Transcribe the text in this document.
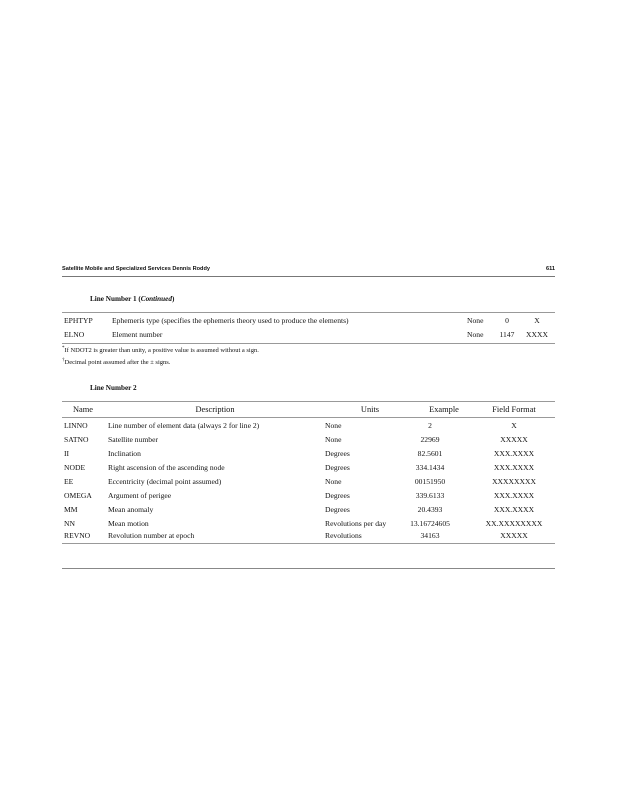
Satellite Mobile and Specialized Services Dennis Roddy	611
Line Number 1 (Continued)
EPHTYP	Ephemeris type (specifies the ephemeris theory used to produce the elements)	None	0	X
ELNO	Element number	None 1147 XXXX
*If NDOT2 is greater than unity, a positive value is assumed without a sign.
†Decimal point assumed after the ± signs.
Line Number 2
Name	Description	Units	Example	Field Format
LINNO	Line number of element data (always 2 for line 2)	None	2	X
SATNO	Satellite number	None	22969	XXXXX
II	Inclination	Degrees	82.5601	XXX.XXXX
NODE	Right ascension of the ascending node	Degrees	334.1434	XXX.XXXX
EE	Eccentricity (decimal point assumed)	None	00151950	XXXXXXXX
OMEGA Argument of perigee	Degrees	339.6133	XXX.XXXX
MM	Mean anomaly	Degrees	20.4393	XXX.XXXX
NN	Mean motion	Revolutions per day	13.16724605	XX.XXXXXXXX
REVNO Revolution number at epoch	Revolutions	34163	XXXXX
